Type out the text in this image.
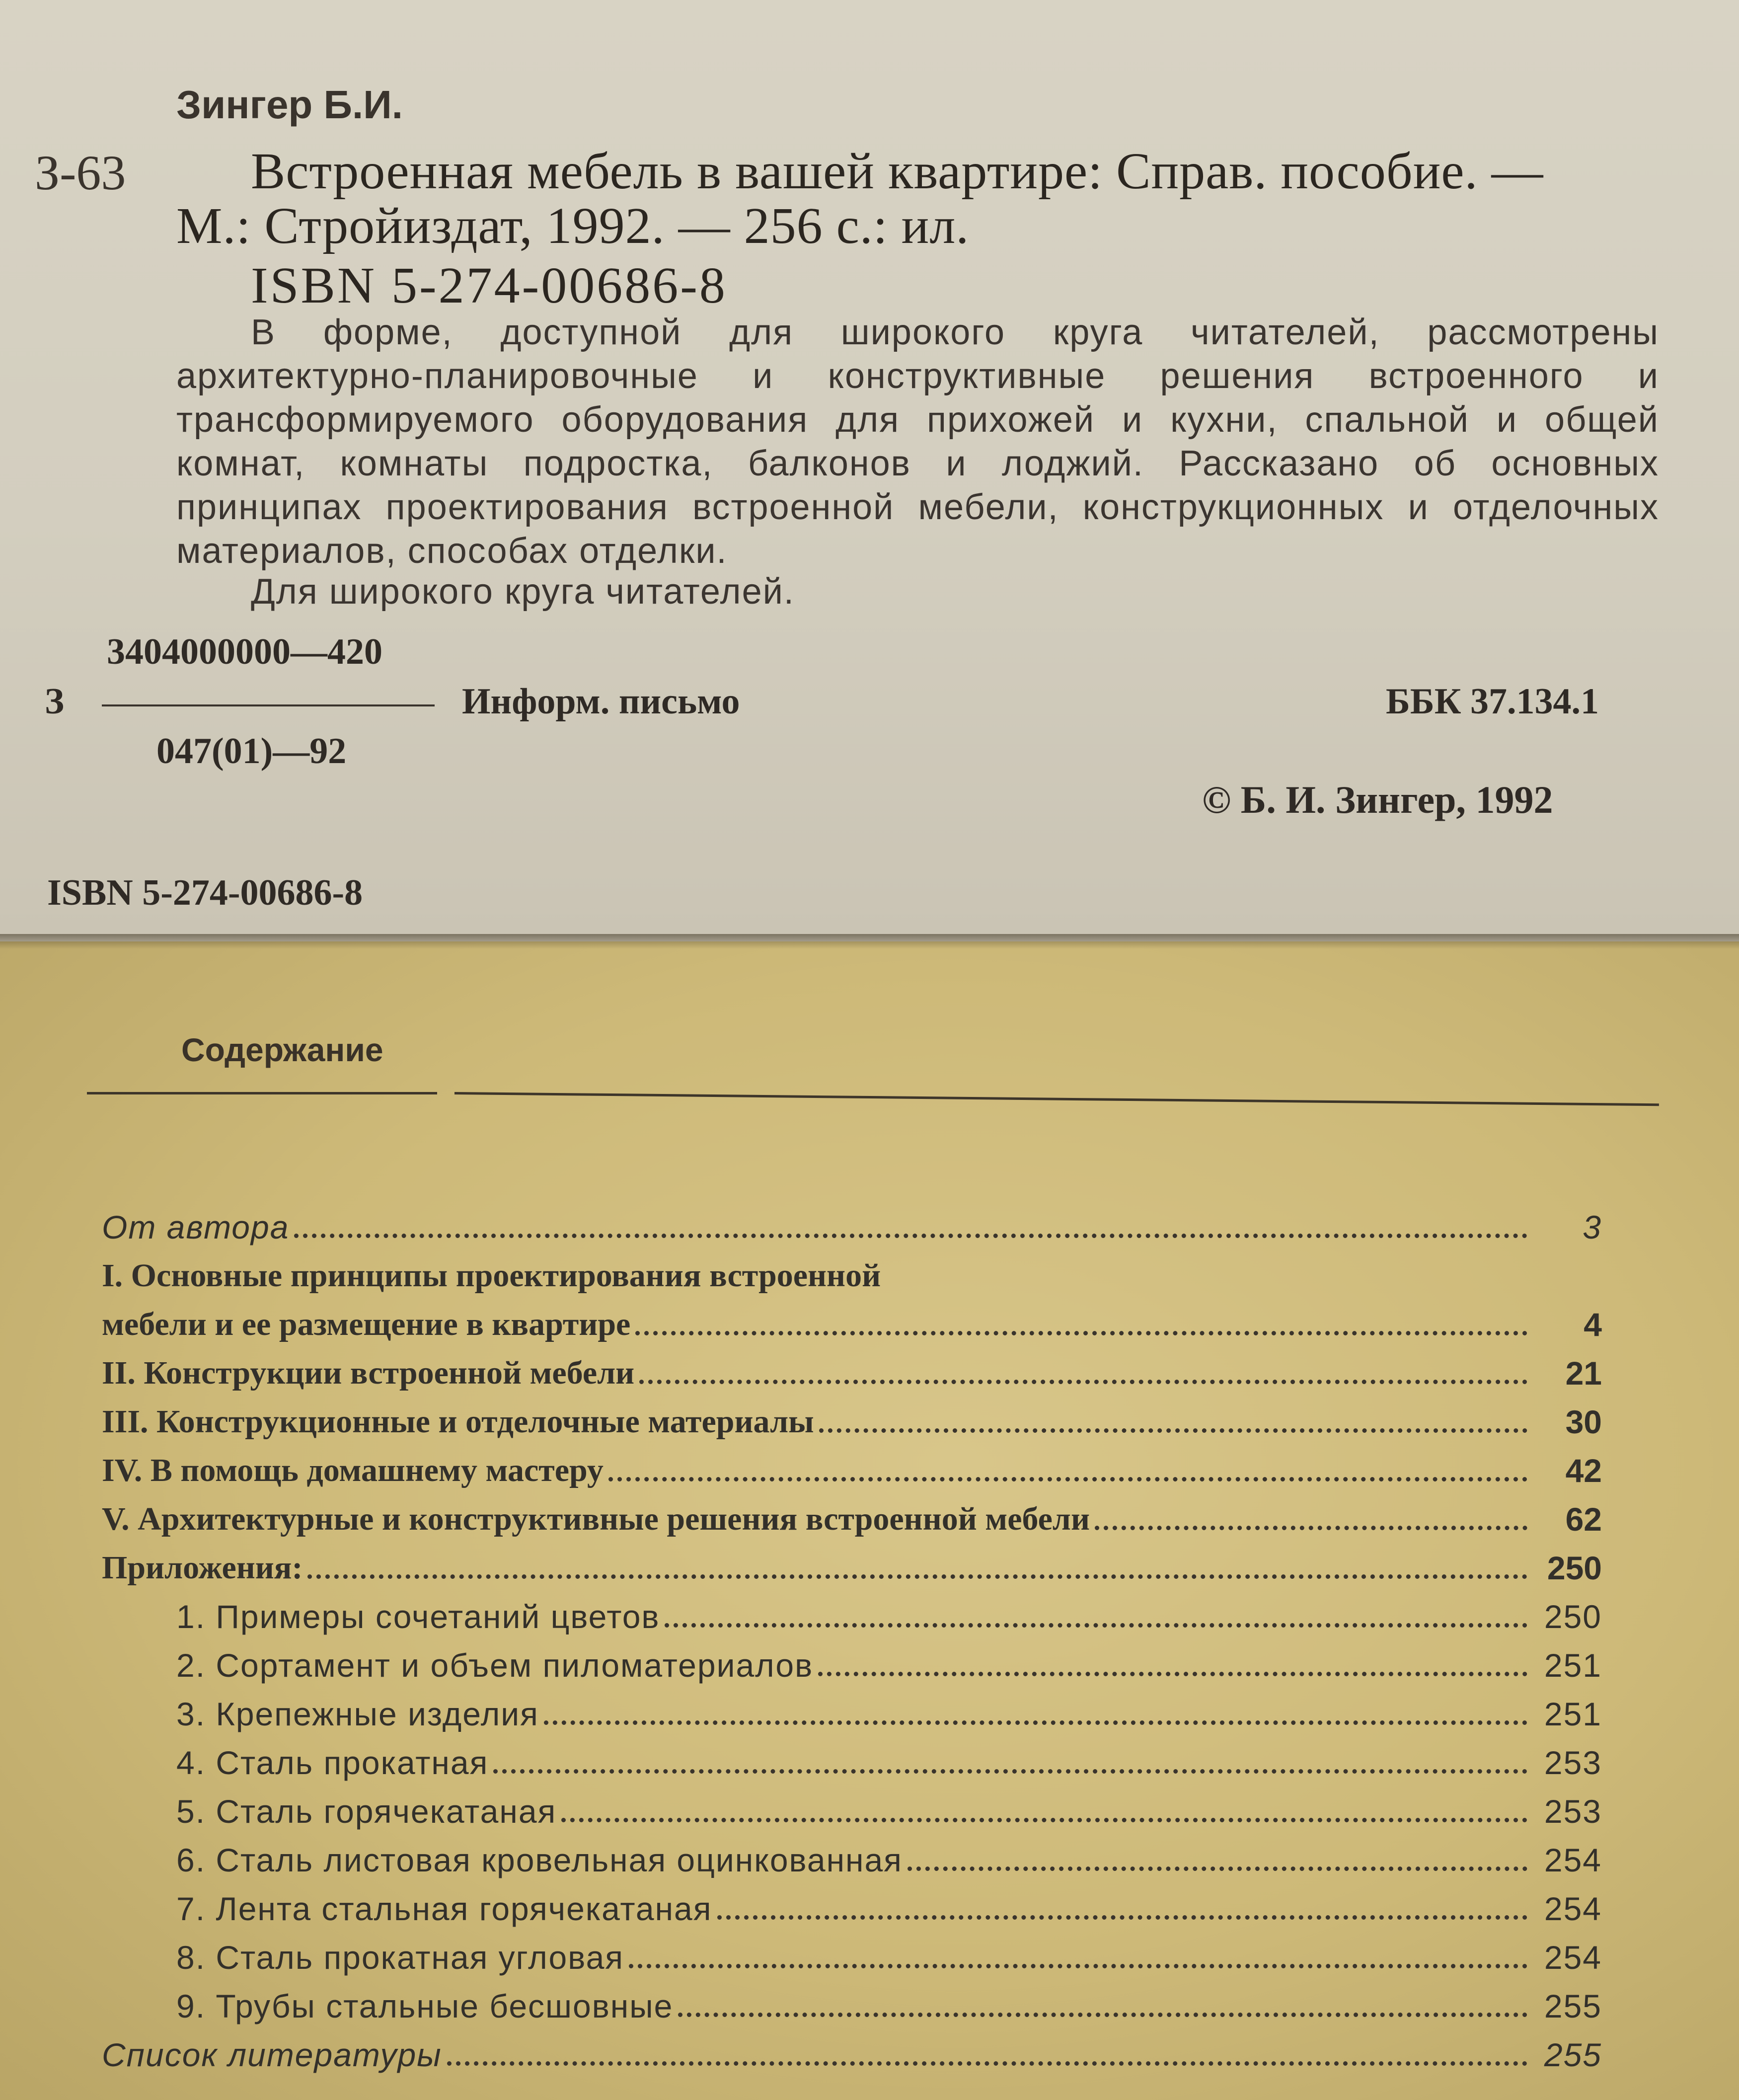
Зингер Б.И.
З-63 Встроенная мебель в вашей квартире: Справ. пособие. —
М.: Стройиздат, 1992. — 256 с.: ил.
ISBN 5-274-00686-8
В форме, доступной для широкого круга читателей, рассмотрены архитектурно-планировочные и конструктивные решения встроенного и трансформируемого оборудования для прихожей и кухни, спальной и общей комнат, комнаты подростка, балконов и лоджий. Рассказано об основных принципах проектирования встроенной мебели, конструкционных и отделочных материалов, способах отделки.
Для широкого круга читателей.
3404000000—420
З	Информ. письмо	ББК 37.134.1
047(01)—92
© Б. И. Зингер, 1992
ISBN 5-274-00686-8
Содержание
От автора	3
I. Основные принципы проектирования встроенной
мебели и ее размещение в квартире	4
II. Конструкции встроенной мебели	21
III. Конструкционные и отделочные материалы	30
IV. В помощь домашнему мастеру	42
V. Архитектурные и конструктивные решения встроенной мебели	62
Приложения:	250
1. Примеры сочетаний цветов	250
2. Сортамент и объем пиломатериалов	251
3. Крепежные изделия	251
4. Сталь прокатная	253
5. Сталь горячекатаная	253
6. Сталь листовая кровельная оцинкованная	254
7. Лента стальная горячекатаная	254
8. Сталь прокатная угловая	254
9. Трубы стальные бесшовные	255
Список литературы	255
